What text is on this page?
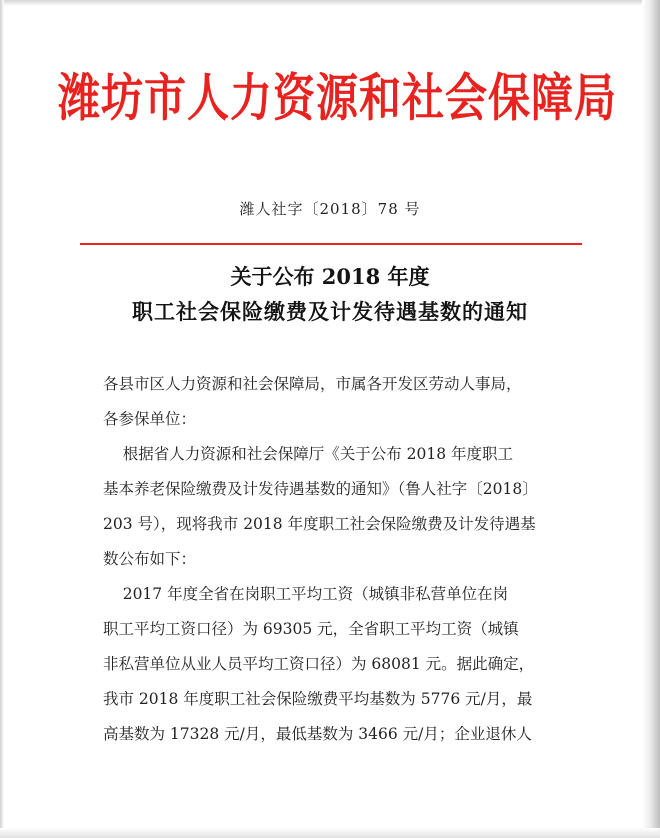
潍坊市人力资源和社会保障局
潍人社字〔2018〕78 号
关于公布 2018 年度
职工社会保险缴费及计发待遇基数的通知
各县市区人力资源和社会保障局，市属各开发区劳动人事局，
各参保单位：
根据省人力资源和社会保障厅《关于公布 2018 年度职工
基本养老保险缴费及计发待遇基数的通知》（鲁人社字〔2018〕
203 号），现将我市 2018 年度职工社会保险缴费及计发待遇基
数公布如下：
2017 年度全省在岗职工平均工资（城镇非私营单位在岗
职工平均工资口径）为 69305 元，全省职工平均工资（城镇
非私营单位从业人员平均工资口径）为 68081 元。据此确定，
我市 2018 年度职工社会保险缴费平均基数为 5776 元/月，最
高基数为 17328 元/月，最低基数为 3466 元/月；企业退休人
